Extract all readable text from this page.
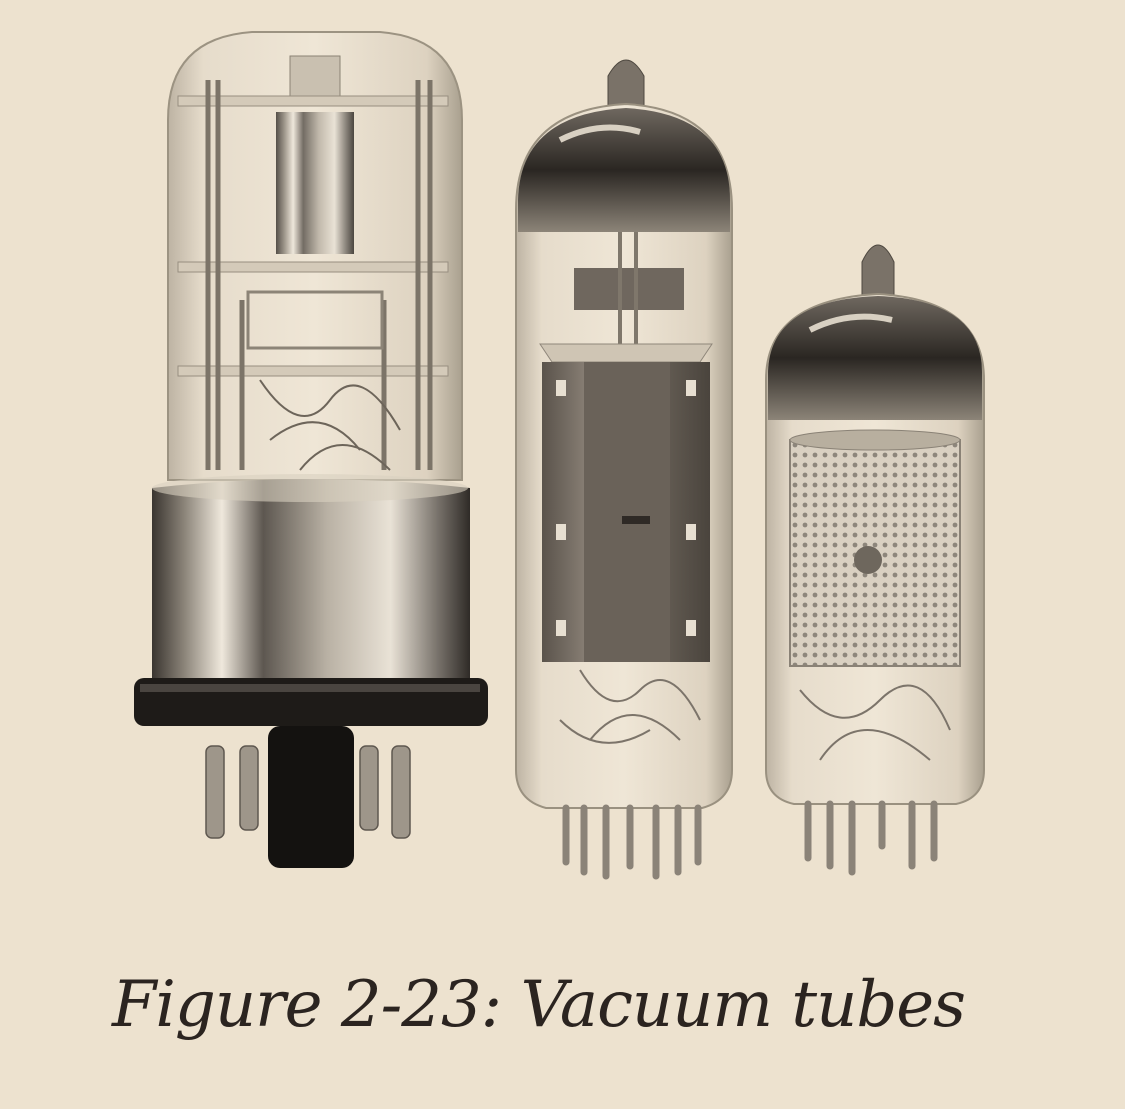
Figure 2-23: Vacuum tubes
